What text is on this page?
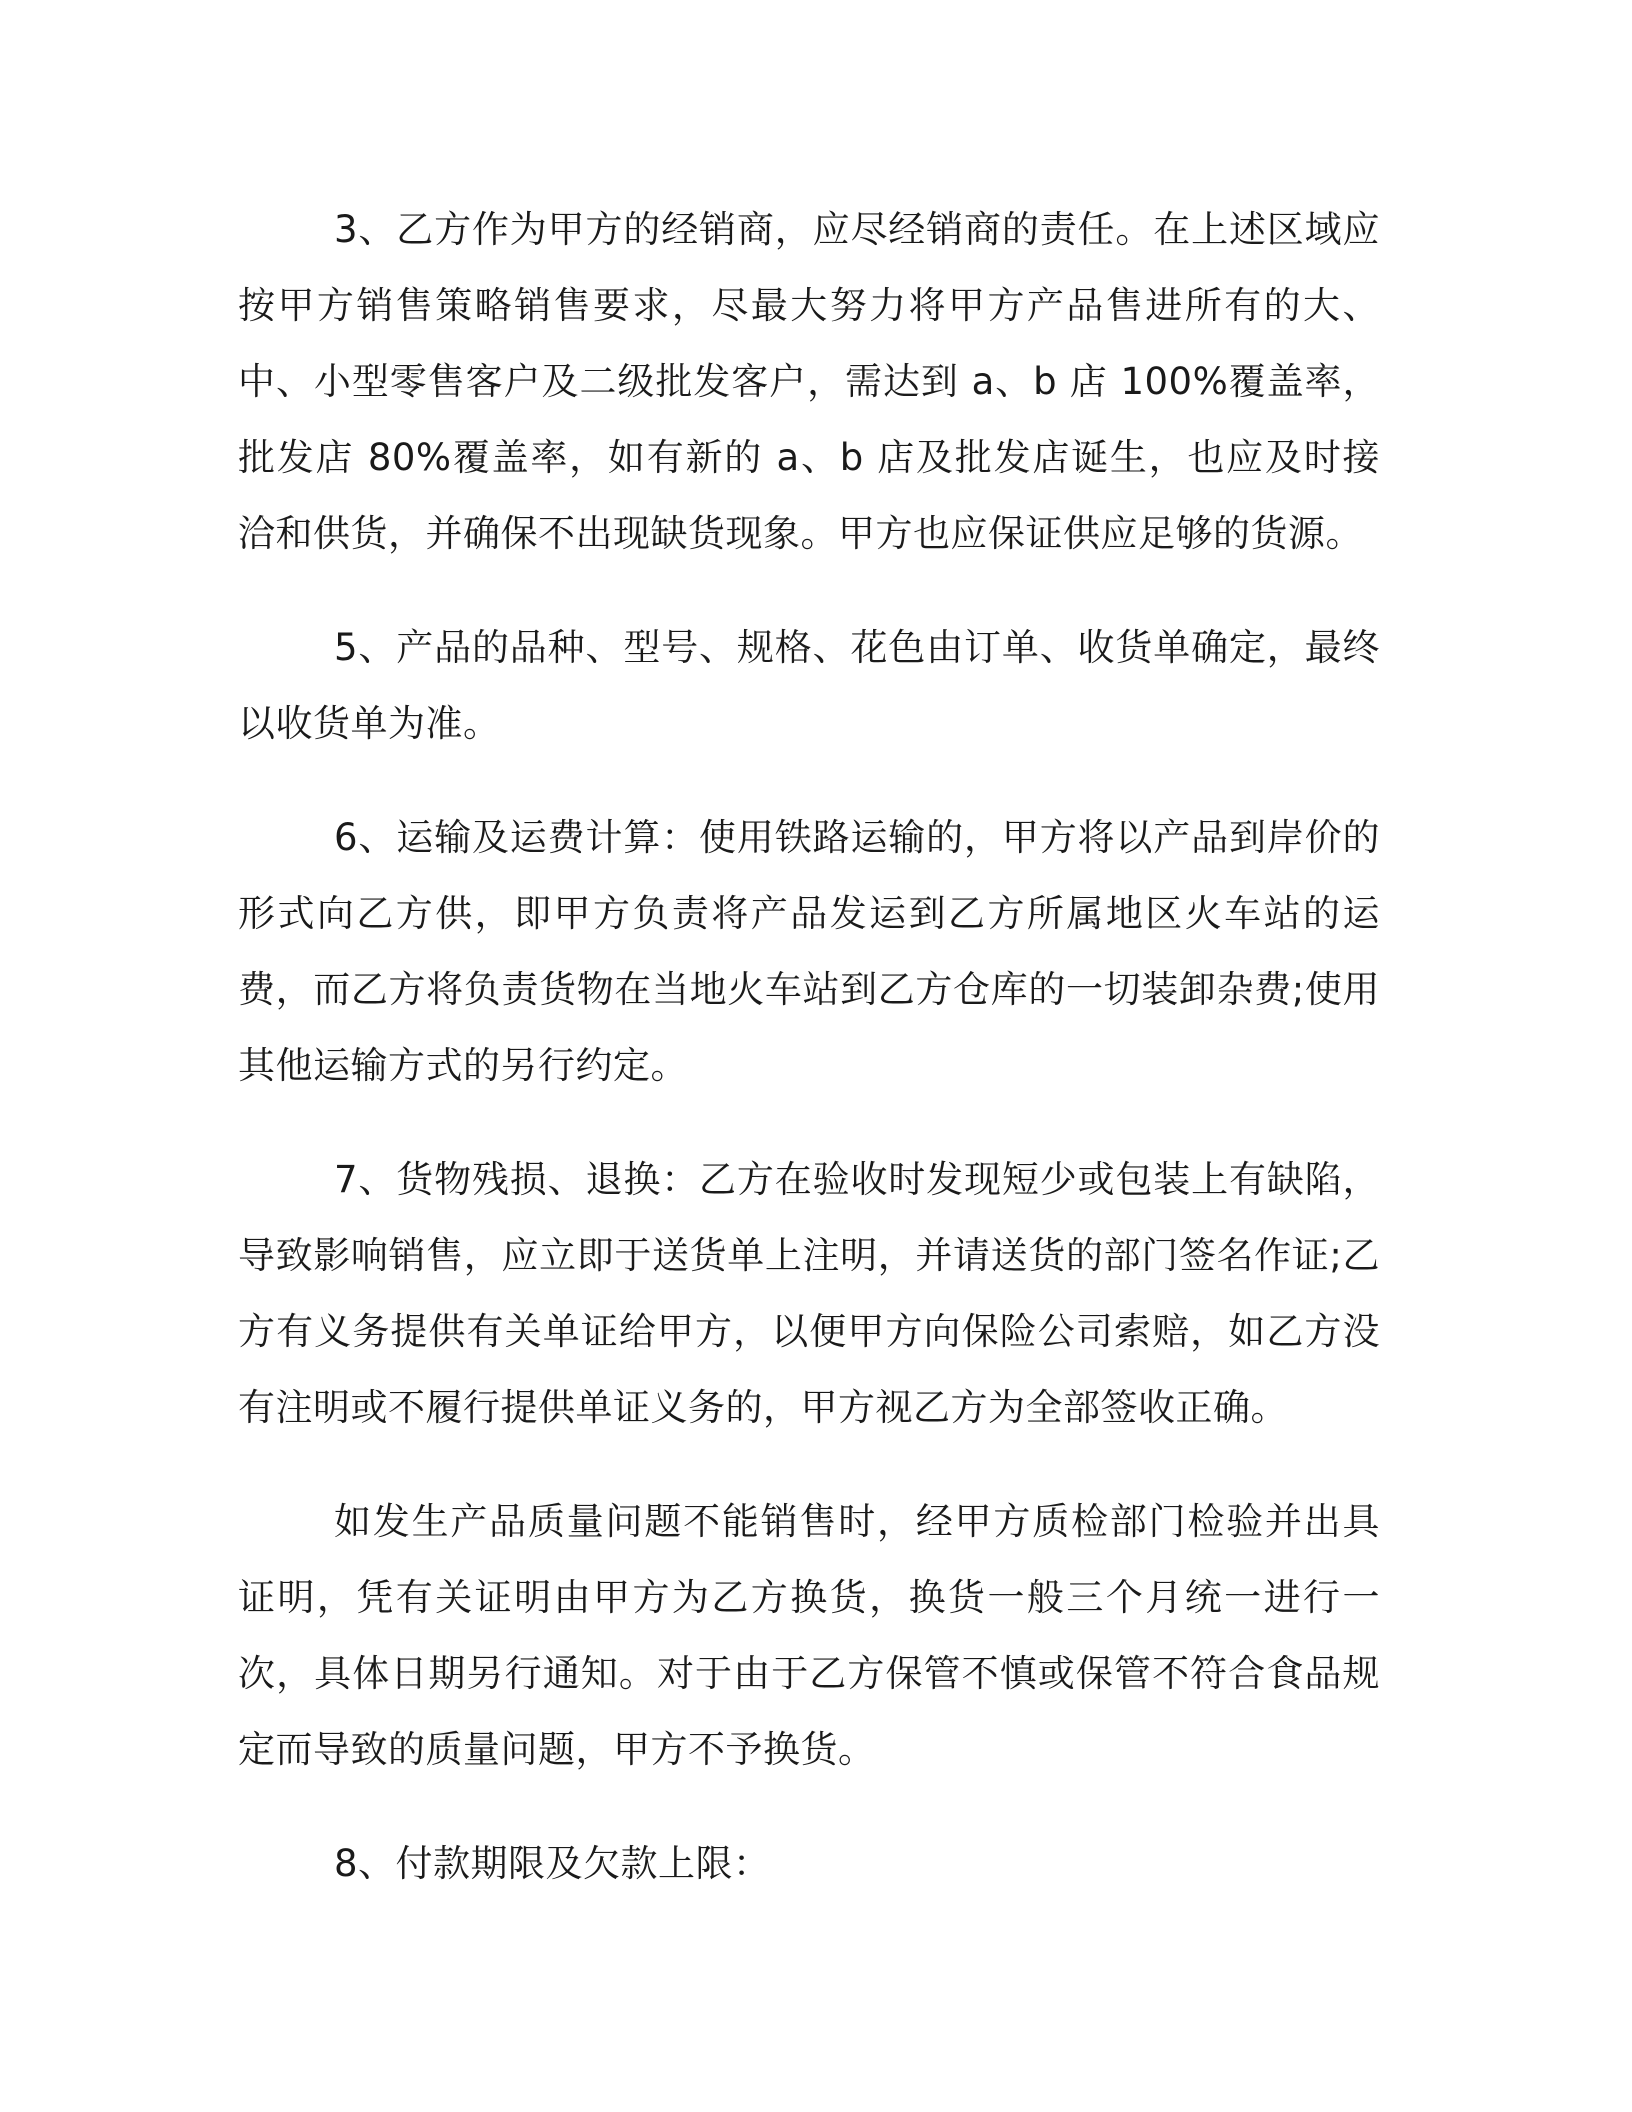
3、乙方作为甲方的经销商，应尽经销商的责任。在上述区域应按甲方销售策略销售要求，尽最大努力将甲方产品售进所有的大、中、小型零售客户及二级批发客户，需达到 a、b 店 100%覆盖率，批发店 80%覆盖率，如有新的 a、b 店及批发店诞生，也应及时接洽和供货，并确保不出现缺货现象。甲方也应保证供应足够的货源。

5、产品的品种、型号、规格、花色由订单、收货单确定，最终以收货单为准。

6、运输及运费计算：使用铁路运输的，甲方将以产品到岸价的形式向乙方供，即甲方负责将产品发运到乙方所属地区火车站的运费，而乙方将负责货物在当地火车站到乙方仓库的一切装卸杂费;使用其他运输方式的另行约定。

7、货物残损、退换：乙方在验收时发现短少或包装上有缺陷，导致影响销售，应立即于送货单上注明，并请送货的部门签名作证;乙方有义务提供有关单证给甲方，以便甲方向保险公司索赔，如乙方没有注明或不履行提供单证义务的，甲方视乙方为全部签收正确。

如发生产品质量问题不能销售时，经甲方质检部门检验并出具证明，凭有关证明由甲方为乙方换货，换货一般三个月统一进行一次，具体日期另行通知。对于由于乙方保管不慎或保管不符合食品规定而导致的质量问题，甲方不予换货。

8、付款期限及欠款上限：
